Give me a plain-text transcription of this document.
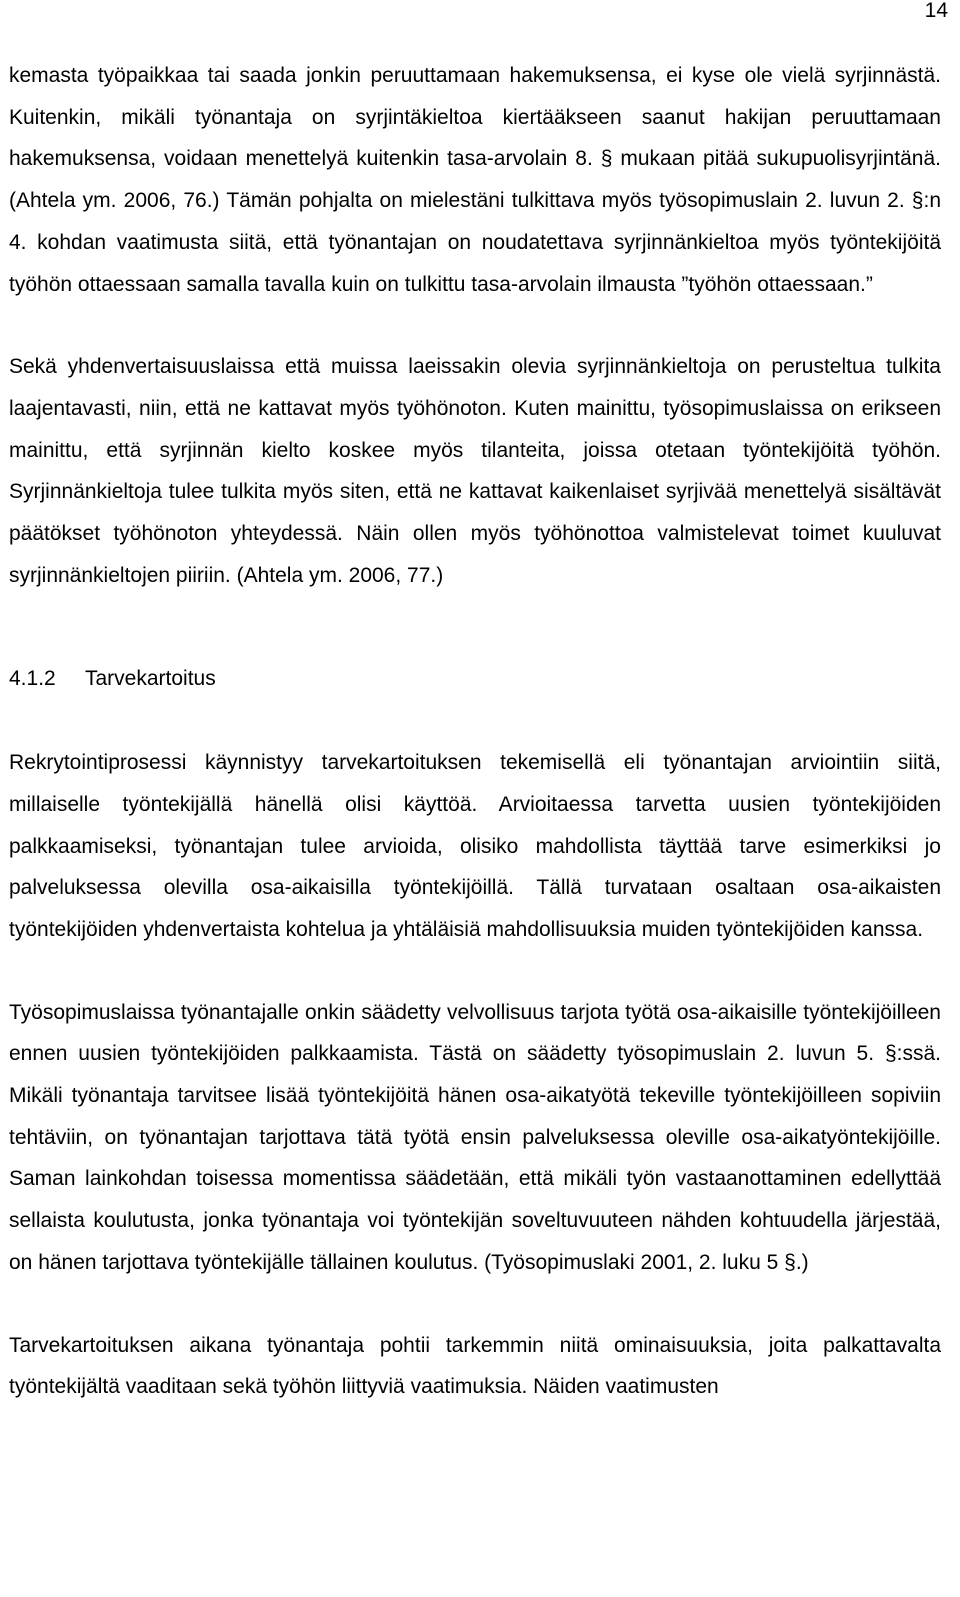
14

kemasta työpaikkaa tai saada jonkin peruuttamaan hakemuksensa, ei kyse ole vielä syrjinnästä. Kuitenkin, mikäli työnantaja on syrjintäkieltoa kiertääkseen saanut hakijan peruuttamaan hakemuksensa, voidaan menettelyä kuitenkin tasa-arvolain 8. § mukaan pitää sukupuolisyrjintänä. (Ahtela ym. 2006, 76.) Tämän pohjalta on mielestäni tulkittava myös työsopimuslain 2. luvun 2. §:n 4. kohdan vaatimusta siitä, että työnantajan on noudatettava syrjinnänkieltoa myös työntekijöitä työhön ottaessaan samalla tavalla kuin on tulkittu tasa-arvolain ilmausta ”työhön ottaessaan.”

Sekä yhdenvertaisuuslaissa että muissa laeissakin olevia syrjinnänkieltoja on perusteltua tulkita laajentavasti, niin, että ne kattavat myös työhönoton. Kuten mainittu, työsopimuslaissa on erikseen mainittu, että syrjinnän kielto koskee myös tilanteita, joissa otetaan työntekijöitä työhön. Syrjinnänkieltoja tulee tulkita myös siten, että ne kattavat kaikenlaiset syrjivää menettelyä sisältävät päätökset työhönoton yhteydessä. Näin ollen myös työhönottoa valmistelevat toimet kuuluvat syrjinnänkieltojen piiriin. (Ahtela ym. 2006, 77.)

4.1.2 Tarvekartoitus

Rekrytointiprosessi käynnistyy tarvekartoituksen tekemisellä eli työnantajan arviointiin siitä, millaiselle työntekijällä hänellä olisi käyttöä. Arvioitaessa tarvetta uusien työntekijöiden palkkaamiseksi, työnantajan tulee arvioida, olisiko mahdollista täyttää tarve esimerkiksi jo palveluksessa olevilla osa-aikaisilla työntekijöillä. Tällä turvataan osaltaan osa-aikaisten työntekijöiden yhdenvertaista kohtelua ja yhtäläisiä mahdollisuuksia muiden työntekijöiden kanssa.

Työsopimuslaissa työnantajalle onkin säädetty velvollisuus tarjota työtä osa-aikaisille työntekijöilleen ennen uusien työntekijöiden palkkaamista. Tästä on säädetty työsopimuslain 2. luvun 5. §:ssä. Mikäli työnantaja tarvitsee lisää työntekijöitä hänen osa-aikatyötä tekeville työntekijöilleen sopiviin tehtäviin, on työnantajan tarjottava tätä työtä ensin palveluksessa oleville osa-aikatyöntekijöille. Saman lainkohdan toisessa momentissa säädetään, että mikäli työn vastaanottaminen edellyttää sellaista koulutusta, jonka työnantaja voi työntekijän soveltuvuuteen nähden kohtuudella järjestää, on hänen tarjottava työntekijälle tällainen koulutus. (Työsopimuslaki 2001, 2. luku 5 §.)

Tarvekartoituksen aikana työnantaja pohtii tarkemmin niitä ominaisuuksia, joita palkattavalta työntekijältä vaaditaan sekä työhön liittyviä vaatimuksia. Näiden vaatimusten
